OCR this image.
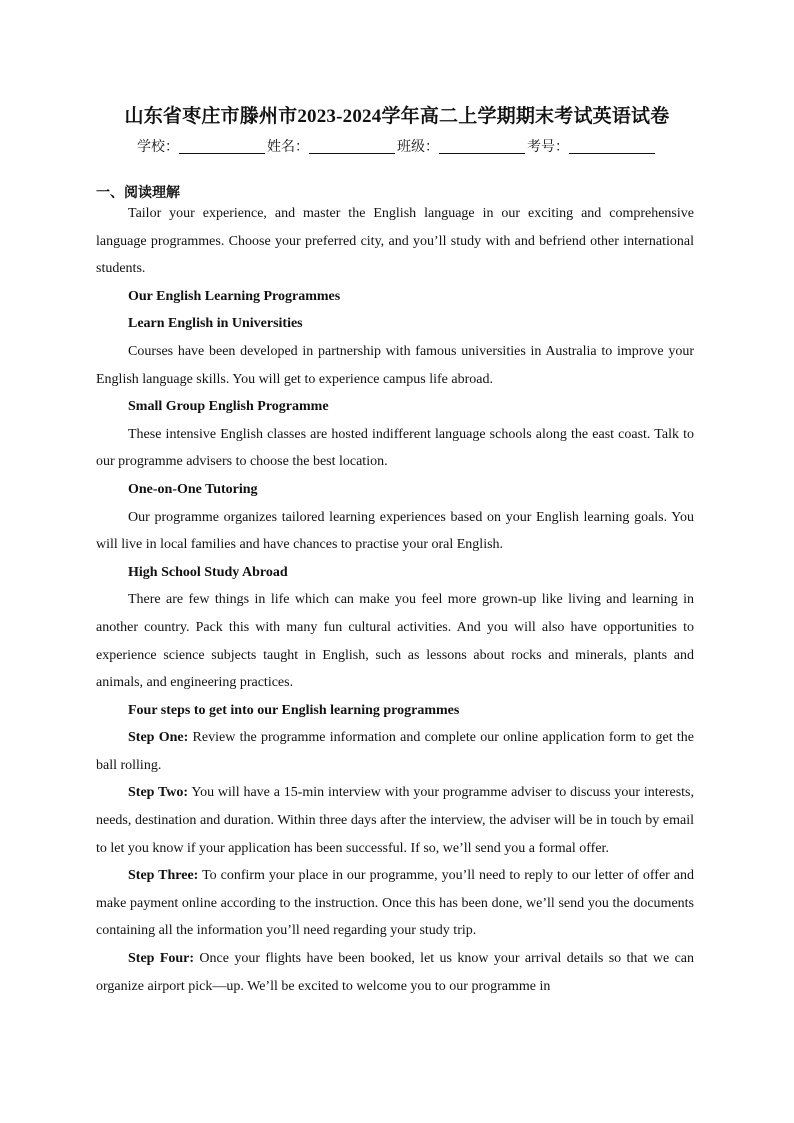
山东省枣庄市滕州市2023-2024学年高二上学期期末考试英语试卷
学校：	姓名：	班级：	考号：
一、阅读理解

Tailor your experience, and master the English language in our exciting and comprehensive language programmes. Choose your preferred city, and you’ll study with and befriend other international students.

Our English Learning Programmes

Learn English in Universities

Courses have been developed in partnership with famous universities in Australia to improve your English language skills. You will get to experience campus life abroad.

Small Group English Programme

These intensive English classes are hosted indifferent language schools along the east coast. Talk to our programme advisers to choose the best location.

One-on-One Tutoring

Our programme organizes tailored learning experiences based on your English learning goals. You will live in local families and have chances to practise your oral English.

High School Study Abroad

There are few things in life which can make you feel more grown-up like living and learning in another country. Pack this with many fun cultural activities. And you will also have opportunities to experience science subjects taught in English, such as lessons about rocks and minerals, plants and animals, and engineering practices.

Four steps to get into our English learning programmes

Step One: Review the programme information and complete our online application form to get the ball rolling.

Step Two: You will have a 15-min interview with your programme adviser to discuss your interests, needs, destination and duration. Within three days after the interview, the adviser will be in touch by email to let you know if your application has been successful. If so, we’ll send you a formal offer.

Step Three: To confirm your place in our programme, you’ll need to reply to our letter of offer and make payment online according to the instruction. Once this has been done, we’ll send you the documents containing all the information you’ll need regarding your study trip.

Step Four: Once your flights have been booked, let us know your arrival details so that we can organize airport pick—up. We’ll be excited to welcome you to our programme in
